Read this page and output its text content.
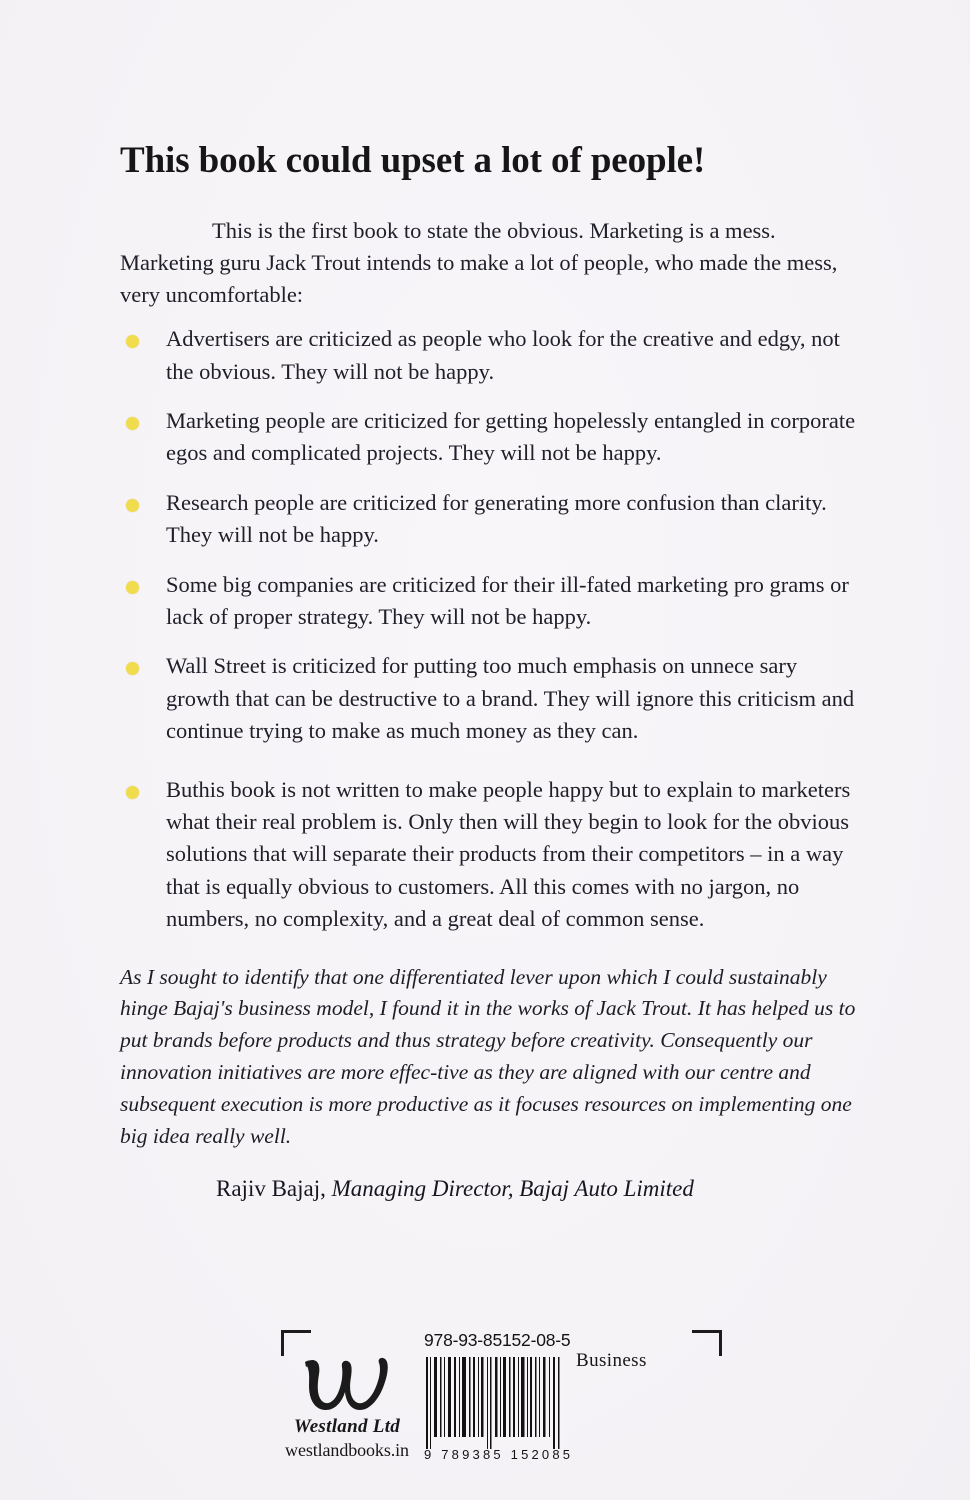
This book could upset a lot of people!

This is the first book to state the obvious. Marketing is a mess. Marketing guru Jack Trout intends to make a lot of people, who made the mess, very uncomfortable:

Advertisers are criticized as people who look for the creative and edgy, not the obvious. They will not be happy.
Marketing people are criticized for getting hopelessly entangled in corporate egos and complicated projects. They will not be happy.
Research people are criticized for generating more confusion than clarity. They will not be happy.
Some big companies are criticized for their ill-fated marketing pro grams or lack of proper strategy. They will not be happy.
Wall Street is criticized for putting too much emphasis on unnece sary growth that can be destructive to a brand. They will ignore this criticism and continue trying to make as much money as they can.
Buthis book is not written to make people happy but to explain to marketers what their real problem is. Only then will they begin to look for the obvious solutions that will separate their products from their competitors – in a way that is equally obvious to customers. All this comes with no jargon, no numbers, no complexity, and a great deal of common sense.

As I sought to identify that one differentiated lever upon which I could sustainably hinge Bajaj's business model, I found it in the works of Jack Trout. It has helped us to put brands before products and thus strategy before creativity. Consequently our innovation initiatives are more effec-tive as they are aligned with our centre and subsequent execution is more productive as it focuses resources on implementing one big idea really well.

Rajiv Bajaj, Managing Director, Bajaj Auto Limited

Westland Ltd
westlandbooks.in
978-93-85152-08-5
9 789385 152085
Business
